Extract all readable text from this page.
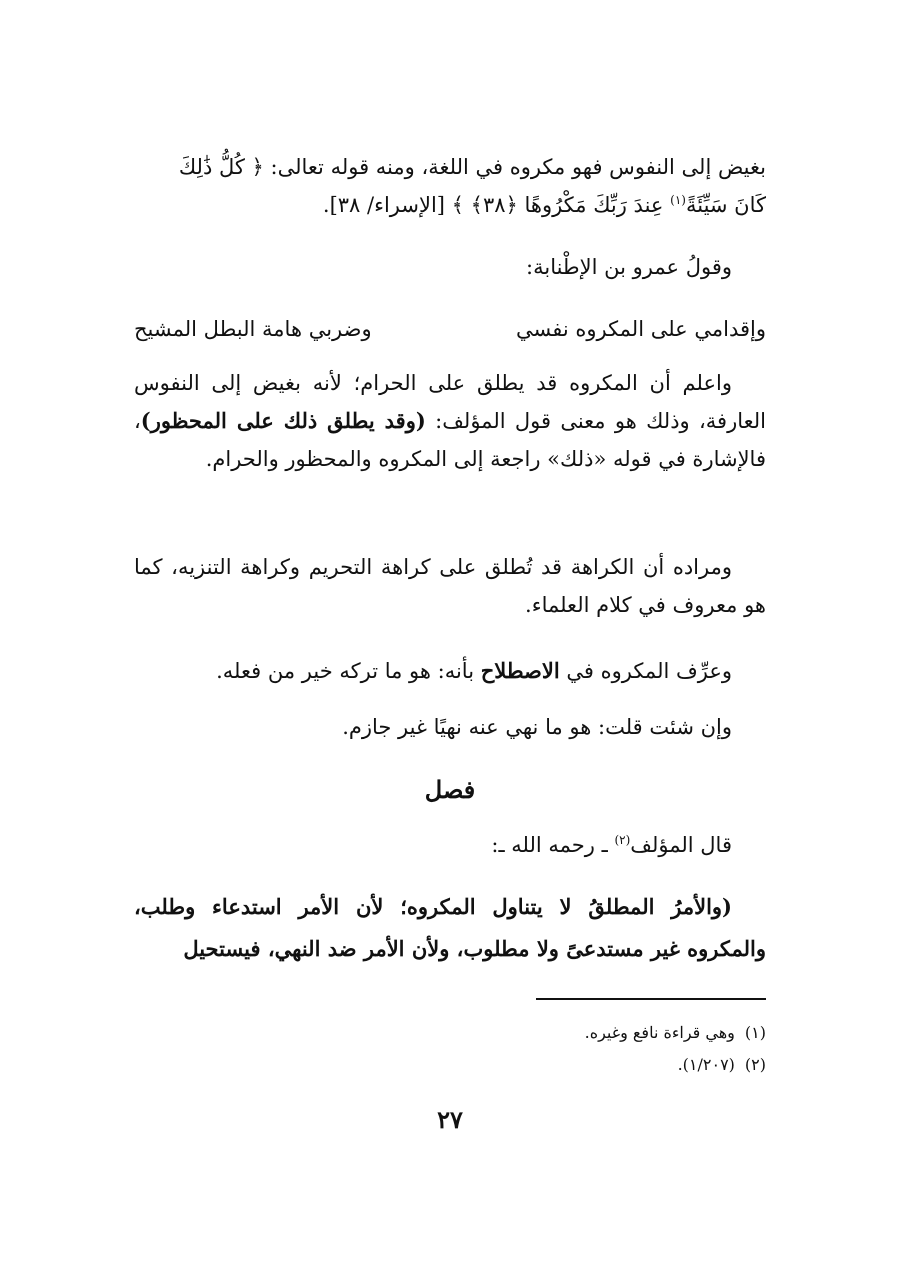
بغيض إلى النفوس فهو مكروه في اللغة، ومنه قوله تعالى: ﴿ كُلُّ ذَٰلِكَ
كَانَ سَيِّئَةً$^{(١)}$ عِندَ رَبِّكَ مَكْرُوهًا ﴿٣٨﴾ ﴾ [الإسراء/ ٣٨].

وقولُ عمرو بن الإطْنابة:

وإقدامي على المكروه نفسي
وضربي هامة البطل المشيح

واعلم أن المكروه قد يطلق على الحرام؛ لأنه بغيض إلى النفوس العارفة، وذلك هو معنى قول المؤلف: (وقد يطلق ذلك على المحظور)، فالإشارة في قوله «ذلك» راجعة إلى المكروه والمحظور والحرام.

ومراده أن الكراهة قد تُطلق على كراهة التحريم وكراهة التنزيه، كما هو معروف في كلام العلماء.

وعرِّف المكروه في الاصطلاح بأنه: هو ما تركه خير من فعله.

وإن شئت قلت: هو ما نهي عنه نهيًا غير جازم.

فصل

قال المؤلف$^{(٢)}$ ـ رحمه الله ـ:

(والأمرُ المطلقُ لا يتناول المكروه؛ لأن الأمر استدعاء وطلب، والمكروه غير مستدعىً ولا مطلوب، ولأن الأمر ضد النهي، فيستحيل

(١)وهي قراءة نافع وغيره.
(٢)(١/٢٠٧).
٢٧
